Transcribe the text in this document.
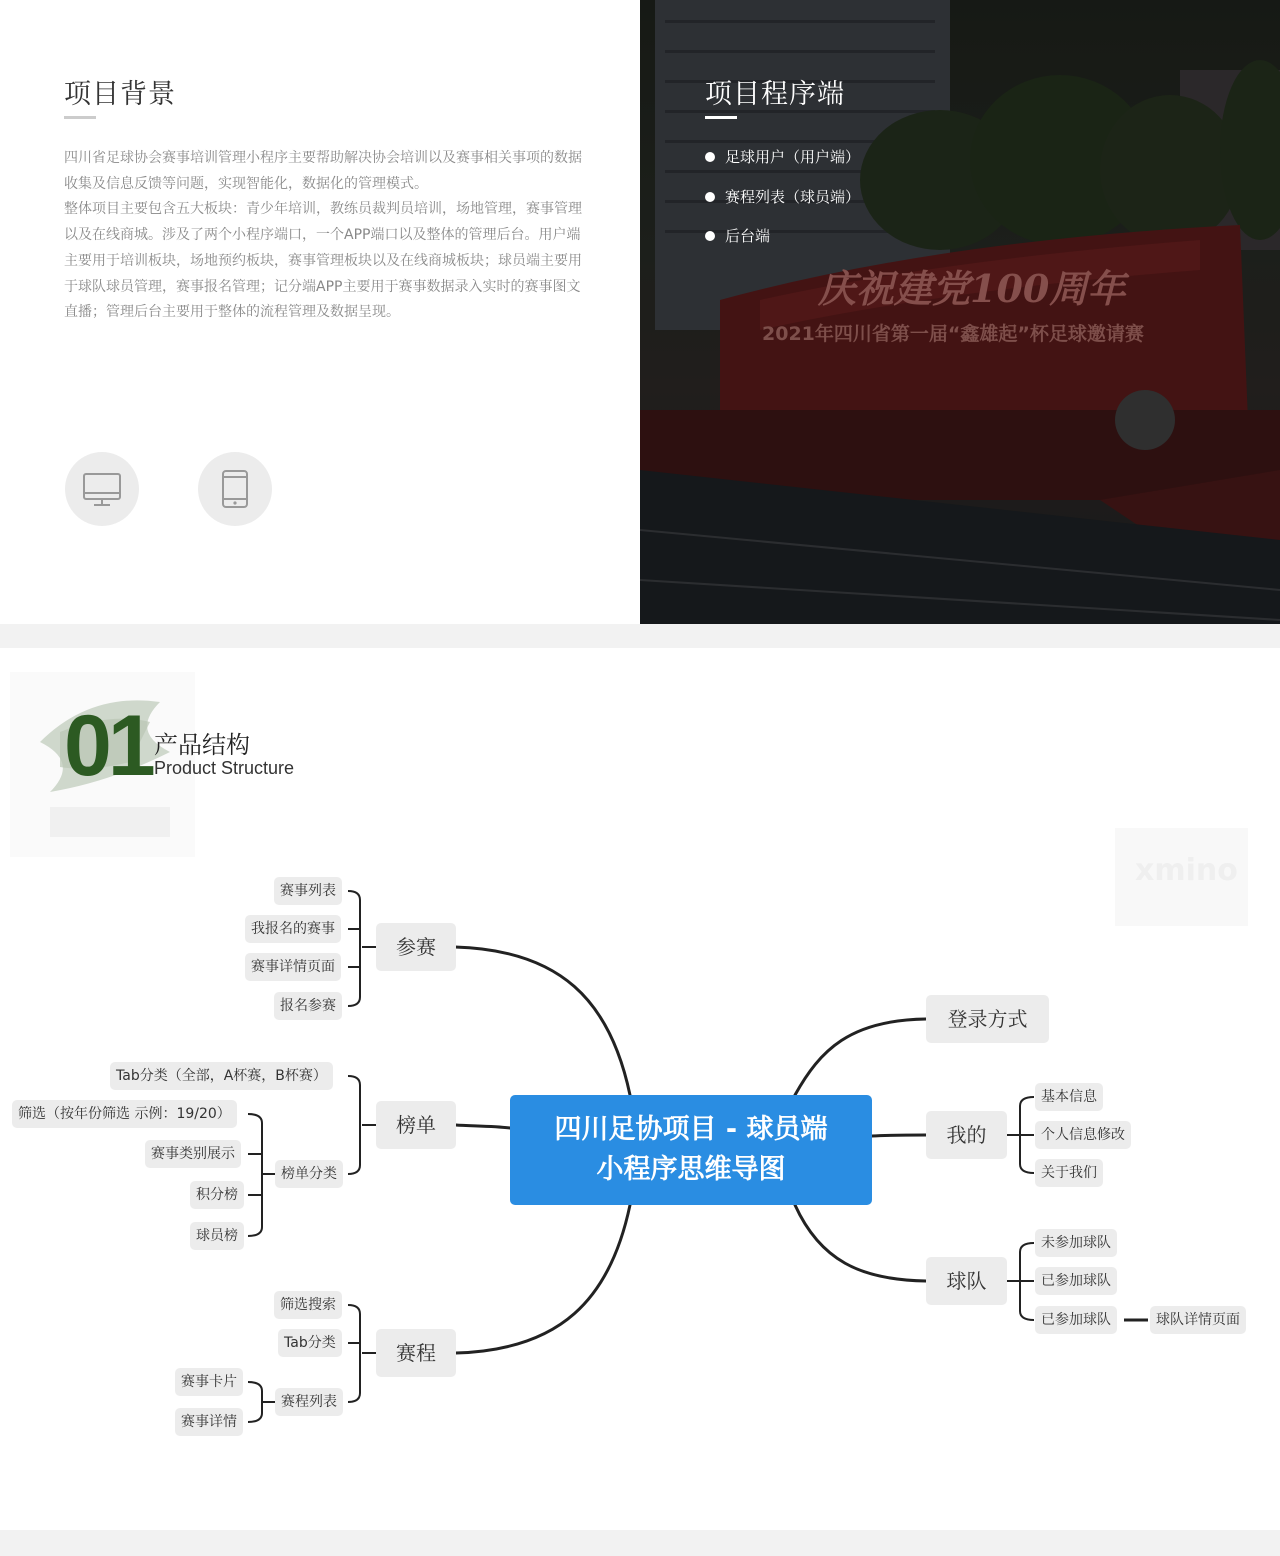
项目背景

四川省足球协会赛事培训管理小程序主要帮助解决协会培训以及赛事相关事项的数据收集及信息反馈等问题，实现智能化，数据化的管理模式。

整体项目主要包含五大板块：青少年培训，教练员裁判员培训，场地管理，赛事管理以及在线商城。涉及了两个小程序端口，一个APP端口以及整体的管理后台。用户端主要用于培训板块，场地预约板块，赛事管理板块以及在线商城板块；球员端主要用于球队球员管理，赛事报名管理；记分端APP主要用于赛事数据录入实时的赛事图文直播；管理后台主要用于整体的流程管理及数据呈现。

庆祝建党100周年
2021年四川省第一届“鑫雄起”杯足球邀请赛
项目程序端
足球用户（用户端）
赛程列表（球员端）
后台端
xmino
01 产品结构
Product Structure
四川足协项目 - 球员端
小程序思维导图
参赛
榜单
赛程
登录方式
我的
球队
赛事列表
我报名的赛事
赛事详情页面
报名参赛
Tab分类（全部，A杯赛，B杯赛）
榜单分类
筛选（按年份筛选 示例：19/20）
赛事类别展示
积分榜
球员榜
筛选搜索
Tab分类
赛程列表
赛事卡片
赛事详情
基本信息
个人信息修改
关于我们
未参加球队
已参加球队
已参加球队	球队详情页面
